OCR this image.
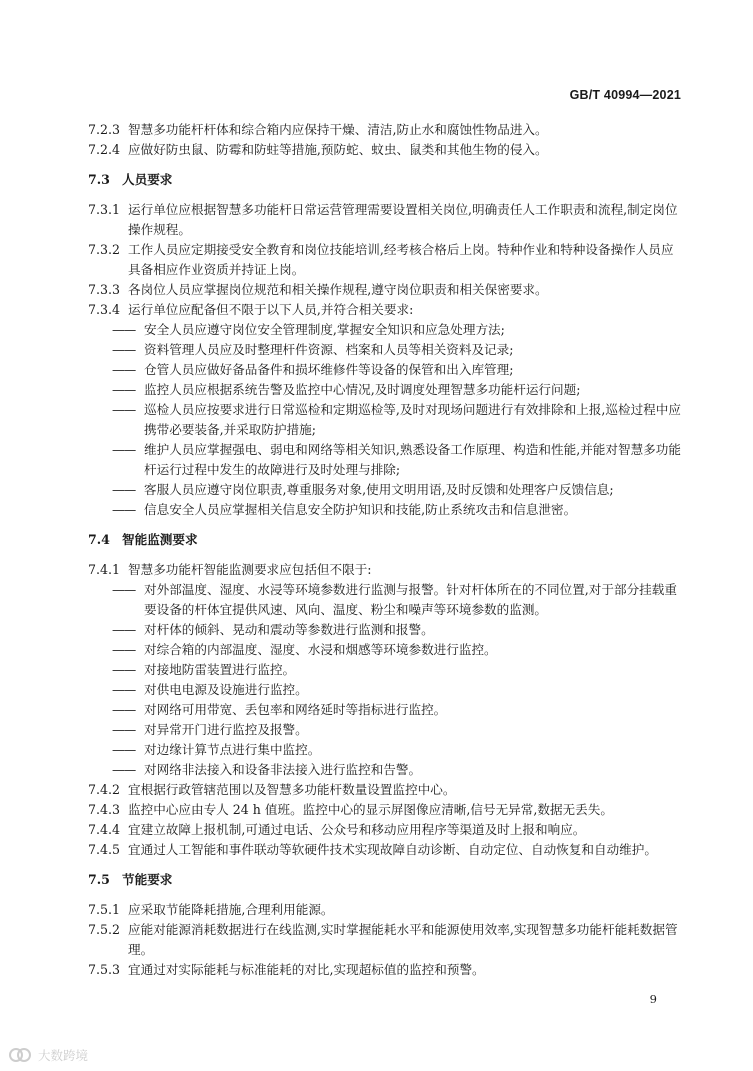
GB/T 40994—2021
7.2.3 智慧多功能杆杆体和综合箱内应保持干燥、清洁,防止水和腐蚀性物品进入。
7.2.4 应做好防虫鼠、防霉和防蛀等措施,预防蛇、蚊虫、鼠类和其他生物的侵入。
7.3 人员要求
7.3.1 运行单位应根据智慧多功能杆日常运营管理需要设置相关岗位,明确责任人工作职责和流程,制定岗位操作规程。
7.3.2 工作人员应定期接受安全教育和岗位技能培训,经考核合格后上岗。特种作业和特种设备操作人员应具备相应作业资质并持证上岗。
7.3.3 各岗位人员应掌握岗位规范和相关操作规程,遵守岗位职责和相关保密要求。
7.3.4 运行单位应配备但不限于以下人员,并符合相关要求:
—— 安全人员应遵守岗位安全管理制度,掌握安全知识和应急处理方法;
—— 资料管理人员应及时整理杆件资源、档案和人员等相关资料及记录;
—— 仓管人员应做好备品备件和损坏维修件等设备的保管和出入库管理;
—— 监控人员应根据系统告警及监控中心情况,及时调度处理智慧多功能杆运行问题;
—— 巡检人员应按要求进行日常巡检和定期巡检等,及时对现场问题进行有效排除和上报,巡检过程中应携带必要装备,并采取防护措施;
—— 维护人员应掌握强电、弱电和网络等相关知识,熟悉设备工作原理、构造和性能,并能对智慧多功能杆运行过程中发生的故障进行及时处理与排除;
—— 客服人员应遵守岗位职责,尊重服务对象,使用文明用语,及时反馈和处理客户反馈信息;
—— 信息安全人员应掌握相关信息安全防护知识和技能,防止系统攻击和信息泄密。
7.4 智能监测要求
7.4.1 智慧多功能杆智能监测要求应包括但不限于:
—— 对外部温度、湿度、水浸等环境参数进行监测与报警。针对杆体所在的不同位置,对于部分挂载重要设备的杆体宜提供风速、风向、温度、粉尘和噪声等环境参数的监测。
—— 对杆体的倾斜、晃动和震动等参数进行监测和报警。
—— 对综合箱的内部温度、湿度、水浸和烟感等环境参数进行监控。
—— 对接地防雷装置进行监控。
—— 对供电电源及设施进行监控。
—— 对网络可用带宽、丢包率和网络延时等指标进行监控。
—— 对异常开门进行监控及报警。
—— 对边缘计算节点进行集中监控。
—— 对网络非法接入和设备非法接入进行监控和告警。
7.4.2 宜根据行政管辖范围以及智慧多功能杆数量设置监控中心。
7.4.3 监控中心应由专人 24 h 值班。监控中心的显示屏图像应清晰,信号无异常,数据无丢失。
7.4.4 宜建立故障上报机制,可通过电话、公众号和移动应用程序等渠道及时上报和响应。
7.4.5 宜通过人工智能和事件联动等软硬件技术实现故障自动诊断、自动定位、自动恢复和自动维护。
7.5 节能要求
7.5.1 应采取节能降耗措施,合理利用能源。
7.5.2 应能对能源消耗数据进行在线监测,实时掌握能耗水平和能源使用效率,实现智慧多功能杆能耗数据管理。
7.5.3 宜通过对实际能耗与标准能耗的对比,实现超标值的监控和预警。
9
大数跨境
